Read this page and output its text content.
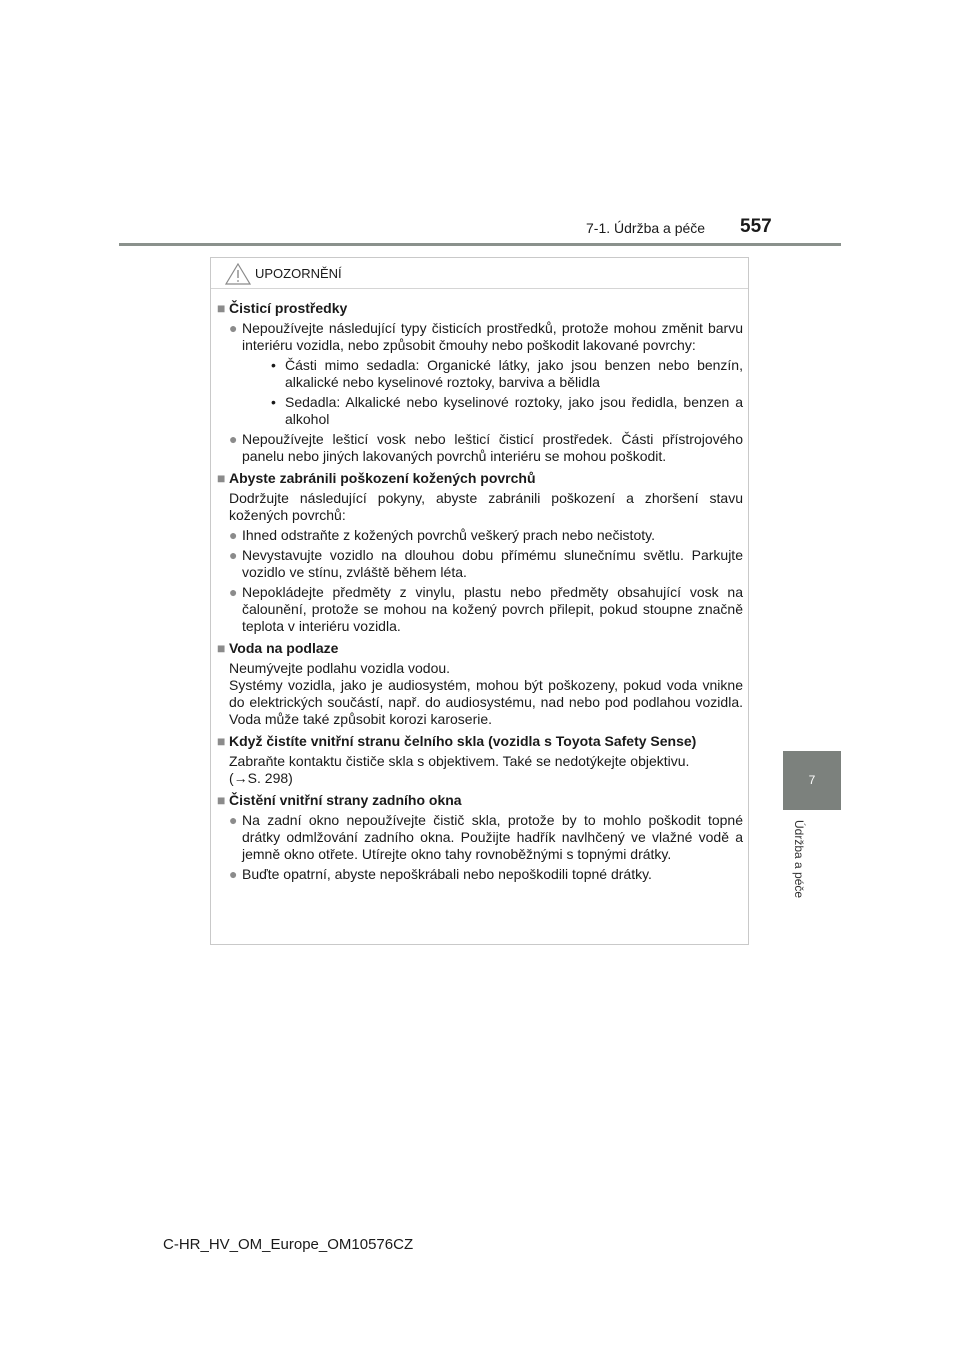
7-1. Údržba a péče 557
7
Údržba a péče
UPOZORNĚNÍ
■ Čisticí prostředky
● Nepoužívejte následující typy čisticích prostředků, protože mohou změnit barvu interiéru vozidla, nebo způsobit čmouhy nebo poškodit lakované povrchy:
• Části mimo sedadla: Organické látky, jako jsou benzen nebo benzín, alkalické nebo kyselinové roztoky, barviva a bělidla
• Sedadla: Alkalické nebo kyselinové roztoky, jako jsou ředidla, benzen a alkohol
● Nepoužívejte lešticí vosk nebo lešticí čisticí prostředek. Části přístrojového panelu nebo jiných lakovaných povrchů interiéru se mohou poškodit.
■ Abyste zabránili poškození kožených povrchů
Dodržujte následující pokyny, abyste zabránili poškození a zhoršení stavu kožených povrchů:
● Ihned odstraňte z kožených povrchů veškerý prach nebo nečistoty.
● Nevystavujte vozidlo na dlouhou dobu přímému slunečnímu světlu. Parkujte vozidlo ve stínu, zvláště během léta.
● Nepokládejte předměty z vinylu, plastu nebo předměty obsahující vosk na čalounění, protože se mohou na kožený povrch přilepit, pokud stoupne značně teplota v interiéru vozidla.
■ Voda na podlaze
Neumývejte podlahu vozidla vodou.
Systémy vozidla, jako je audiosystém, mohou být poškozeny, pokud voda vnikne do elektrických součástí, např. do audiosystému, nad nebo pod podlahou vozidla. Voda může také způsobit korozi karoserie.
■ Když čistíte vnitřní stranu čelního skla (vozidla s Toyota Safety Sense)
Zabraňte kontaktu čističe skla s objektivem. Také se nedotýkejte objektivu.
(→S. 298)
■ Čistění vnitřní strany zadního okna
● Na zadní okno nepoužívejte čistič skla, protože by to mohlo poškodit topné drátky odmlžování zadního okna. Použijte hadřík navlhčený ve vlažné vodě a jemně okno otřete. Utírejte okno tahy rovnoběžnými s topnými drátky.
● Buďte opatrní, abyste nepoškrábali nebo nepoškodili topné drátky.
C-HR_HV_OM_Europe_OM10576CZ
